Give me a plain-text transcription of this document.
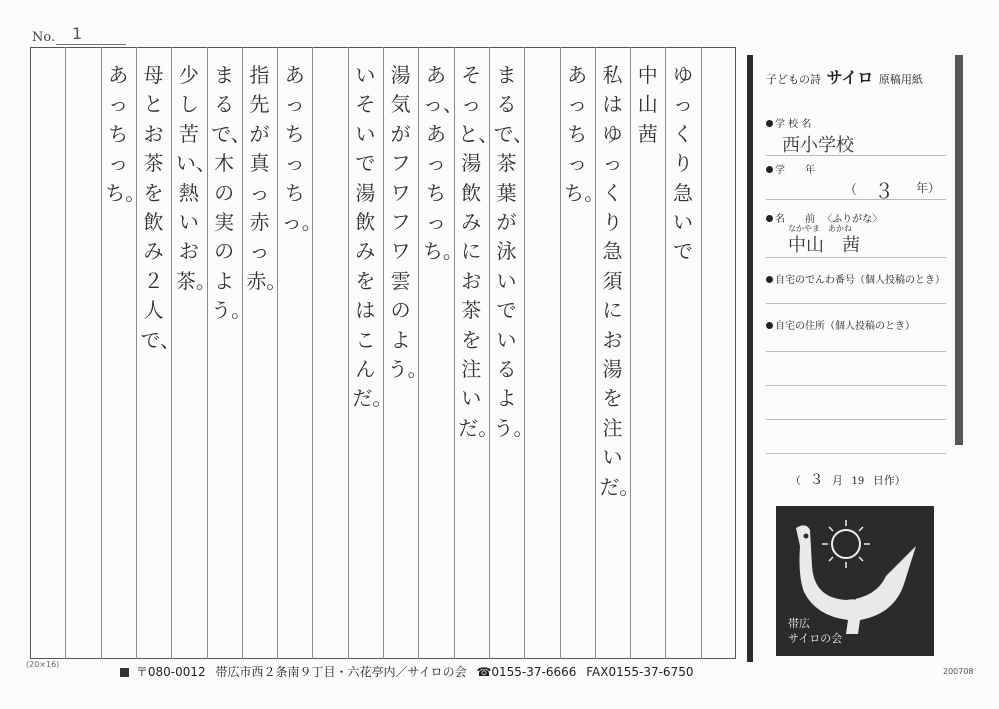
No. 1
ゆっくり急いで
中山 茜
私はゆっくり急須にお湯を注いだ。
あっちっち。
まるで、茶葉が泳いでいるよう。
そっと、湯飲みにお茶を注いだ。
あっ、あっちっち。
湯気がフワフワ雲のよう。
いそいで湯飲みをはこんだ。
あっちっちっ。
指先が真っ赤っ赤。
まるで、木の実のよう。
少し苦い、熱いお茶。
母とお茶を飲み２人で、
あっちっち。
(20×16)
〒080-0012 帯広市西２条南９丁目・六花亭内／サイロの会 ☎0155-37-6666 FAX0155-37-6750	200708
子どもの詩 サイロ 原稿用紙
学 校 名
西小学校
学　　年
（ ３ 年）
名　　前 〈ふりがな〉
なかやま　あかね
中山　茜
自宅のでんわ番号（個人投稿のとき）
自宅の住所（個人投稿のとき）
（ ３ 月 19 日作）
帯広
サイロの会
